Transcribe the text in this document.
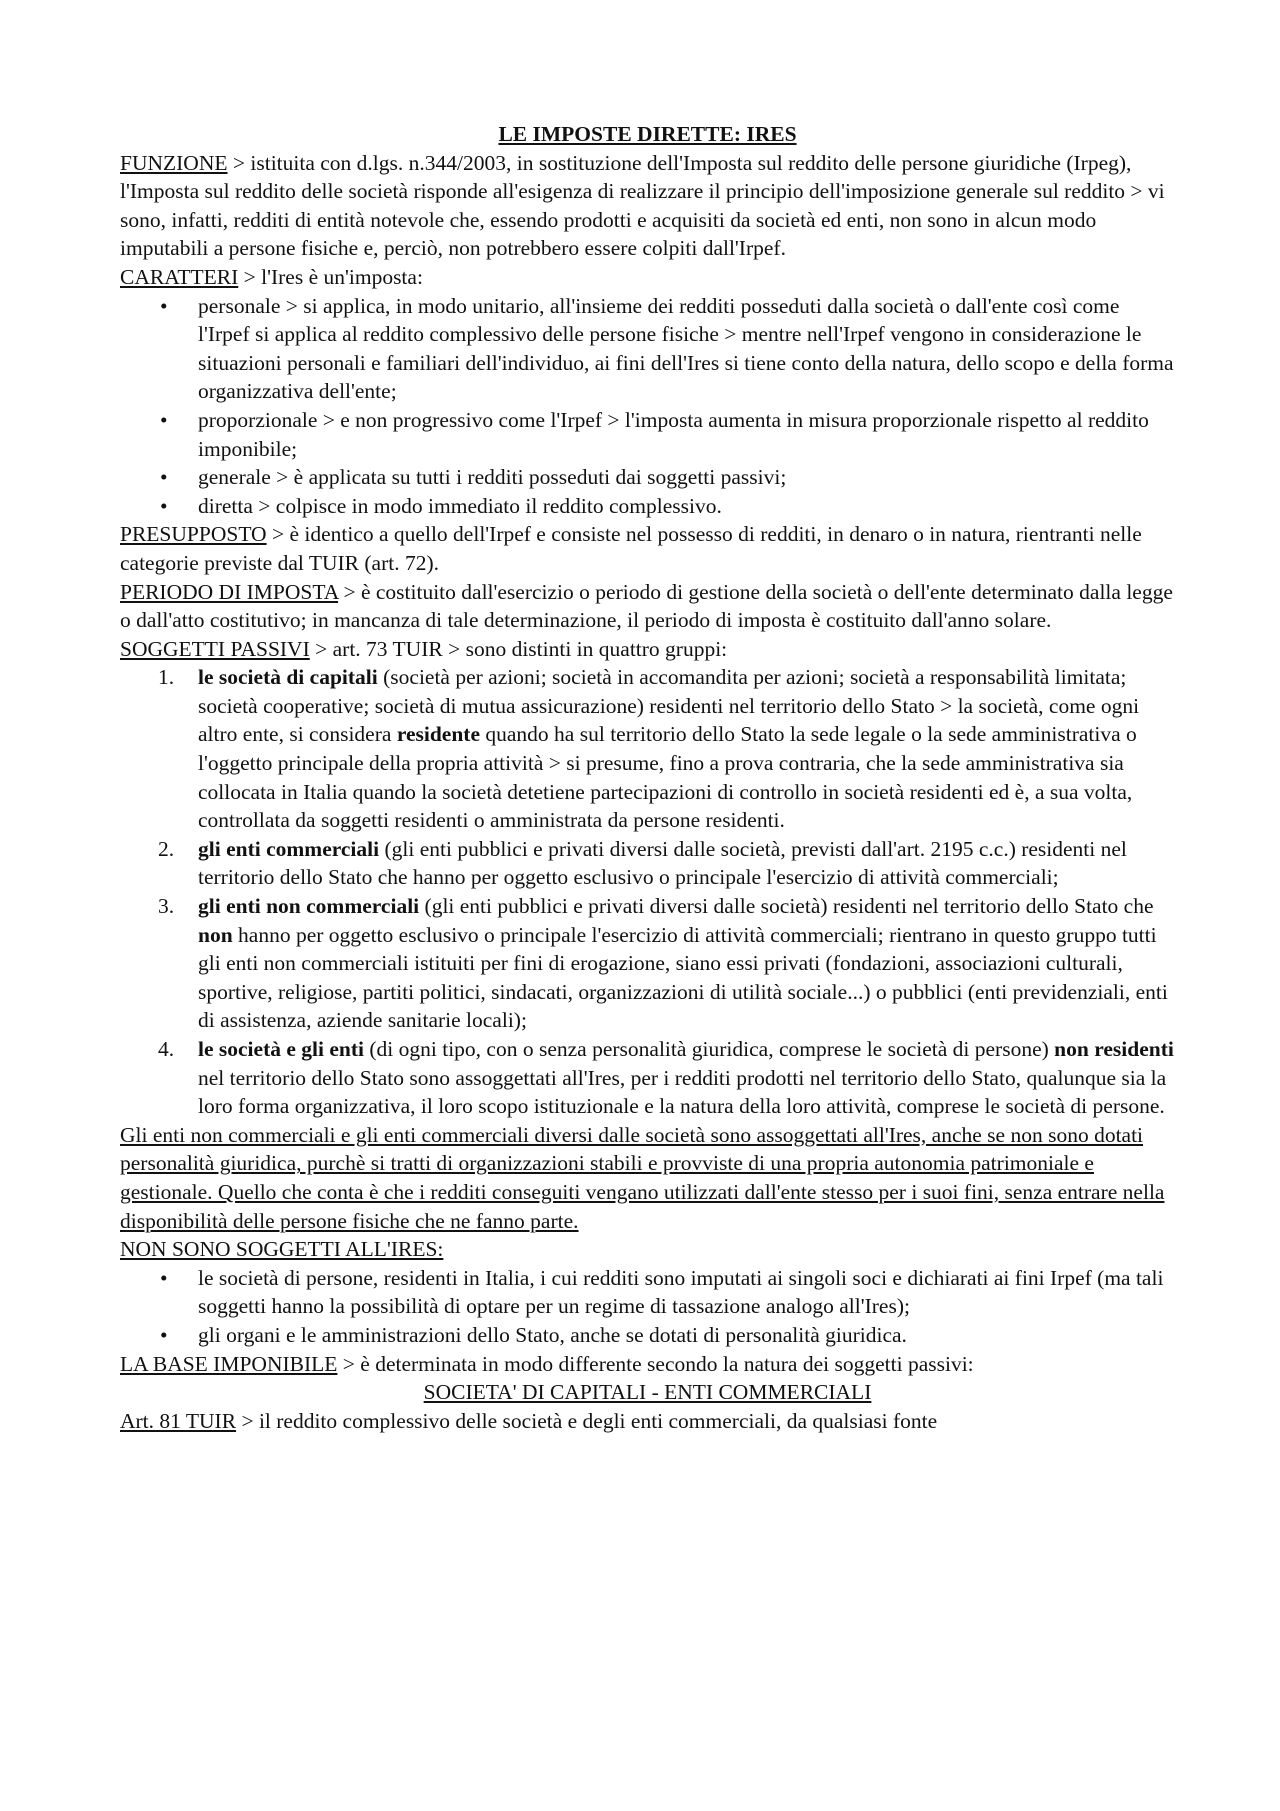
LE IMPOSTE DIRETTE: IRES

FUNZIONE > istituita con d.lgs. n.344/2003, in sostituzione dell'Imposta sul reddito delle persone giuridiche (Irpeg), l'Imposta sul reddito delle società risponde all'esigenza di realizzare il principio dell'imposizione generale sul reddito > vi sono, infatti, redditi di entità notevole che, essendo prodotti e acquisiti da società ed enti, non sono in alcun modo imputabili a persone fisiche e, perciò, non potrebbero essere colpiti dall'Irpef.

CARATTERI > l'Ires è un'imposta:

• personale > si applica, in modo unitario, all'insieme dei redditi posseduti dalla società o dall'ente così come l'Irpef si applica al reddito complessivo delle persone fisiche > mentre nell'Irpef vengono in considerazione le situazioni personali e familiari dell'individuo, ai fini dell'Ires si tiene conto della natura, dello scopo e della forma organizzativa dell'ente;
• proporzionale > e non progressivo come l'Irpef > l'imposta aumenta in misura proporzionale rispetto al reddito imponibile;
• generale > è applicata su tutti i redditi posseduti dai soggetti passivi;
• diretta > colpisce in modo immediato il reddito complessivo.

PRESUPPOSTO > è identico a quello dell'Irpef e consiste nel possesso di redditi, in denaro o in natura, rientranti nelle categorie previste dal TUIR (art. 72).

PERIODO DI IMPOSTA > è costituito dall'esercizio o periodo di gestione della società o dell'ente determinato dalla legge o dall'atto costitutivo; in mancanza di tale determinazione, il periodo di imposta è costituito dall'anno solare.

SOGGETTI PASSIVI > art. 73 TUIR > sono distinti in quattro gruppi:

1. le società di capitali (società per azioni; società in accomandita per azioni; società a responsabilità limitata; società cooperative; società di mutua assicurazione) residenti nel territorio dello Stato > la società, come ogni altro ente, si considera residente quando ha sul territorio dello Stato la sede legale o la sede amministrativa o l'oggetto principale della propria attività > si presume, fino a prova contraria, che la sede amministrativa sia collocata in Italia quando la società detetiene partecipazioni di controllo in società residenti ed è, a sua volta, controllata da soggetti residenti o amministrata da persone residenti.
2. gli enti commerciali (gli enti pubblici e privati diversi dalle società, previsti dall'art. 2195 c.c.) residenti nel territorio dello Stato che hanno per oggetto esclusivo o principale l'esercizio di attività commerciali;
3. gli enti non commerciali (gli enti pubblici e privati diversi dalle società) residenti nel territorio dello Stato che non hanno per oggetto esclusivo o principale l'esercizio di attività commerciali; rientrano in questo gruppo tutti gli enti non commerciali istituiti per fini di erogazione, siano essi privati (fondazioni, associazioni culturali, sportive, religiose, partiti politici, sindacati, organizzazioni di utilità sociale...) o pubblici (enti previdenziali, enti di assistenza, aziende sanitarie locali);
4. le società e gli enti (di ogni tipo, con o senza personalità giuridica, comprese le società di persone) non residenti nel territorio dello Stato sono assoggettati all'Ires, per i redditi prodotti nel territorio dello Stato, qualunque sia la loro forma organizzativa, il loro scopo istituzionale e la natura della loro attività, comprese le società di persone.

Gli enti non commerciali e gli enti commerciali diversi dalle società sono assoggettati all'Ires, anche se non sono dotati personalità giuridica, purchè si tratti di organizzazioni stabili e provviste di una propria autonomia patrimoniale e gestionale. Quello che conta è che i redditi conseguiti vengano utilizzati dall'ente stesso per i suoi fini, senza entrare nella disponibilità delle persone fisiche che ne fanno parte.

NON SONO SOGGETTI ALL'IRES:

• le società di persone, residenti in Italia, i cui redditi sono imputati ai singoli soci e dichiarati ai fini Irpef (ma tali soggetti hanno la possibilità di optare per un regime di tassazione analogo all'Ires);
• gli organi e le amministrazioni dello Stato, anche se dotati di personalità giuridica.

LA BASE IMPONIBILE > è determinata in modo differente secondo la natura dei soggetti passivi:

SOCIETA' DI CAPITALI - ENTI COMMERCIALI

Art. 81 TUIR > il reddito complessivo delle società e degli enti commerciali, da qualsiasi fonte
